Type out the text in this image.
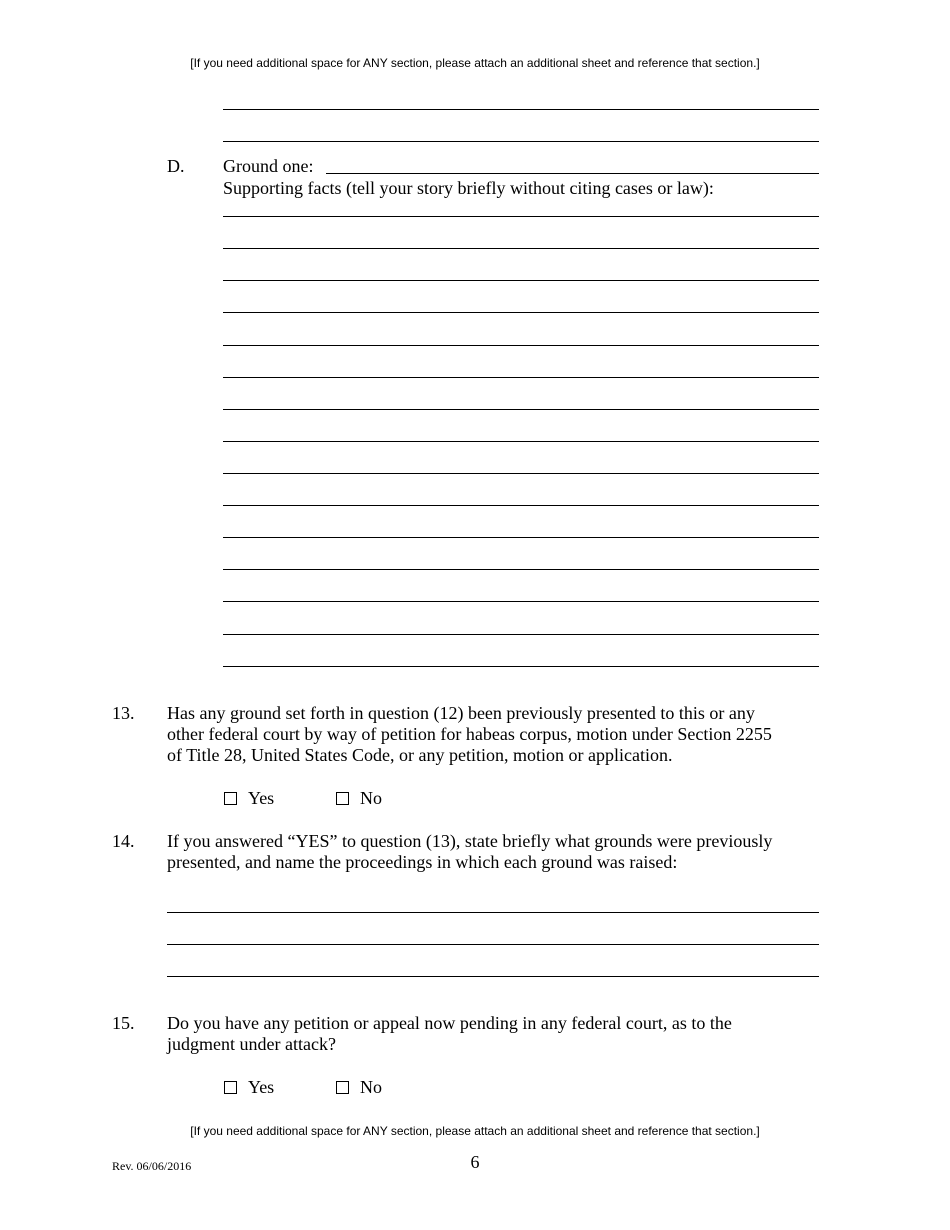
[If you need additional space for ANY section, please attach an additional sheet and reference that section.]
D. Ground one:
Supporting facts (tell your story briefly without citing cases or law):
13. Has any ground set forth in question (12) been previously presented to this or any
other federal court by way of petition for habeas corpus, motion under Section 2255
of Title 28, United States Code, or any petition, motion or application.
Yes	No
14. If you answered “YES” to question (13), state briefly what grounds were previously
presented, and name the proceedings in which each ground was raised:
15. Do you have any petition or appeal now pending in any federal court, as to the
judgment under attack?
Yes	No
[If you need additional space for ANY section, please attach an additional sheet and reference that section.]
Rev. 06/06/2016	6
